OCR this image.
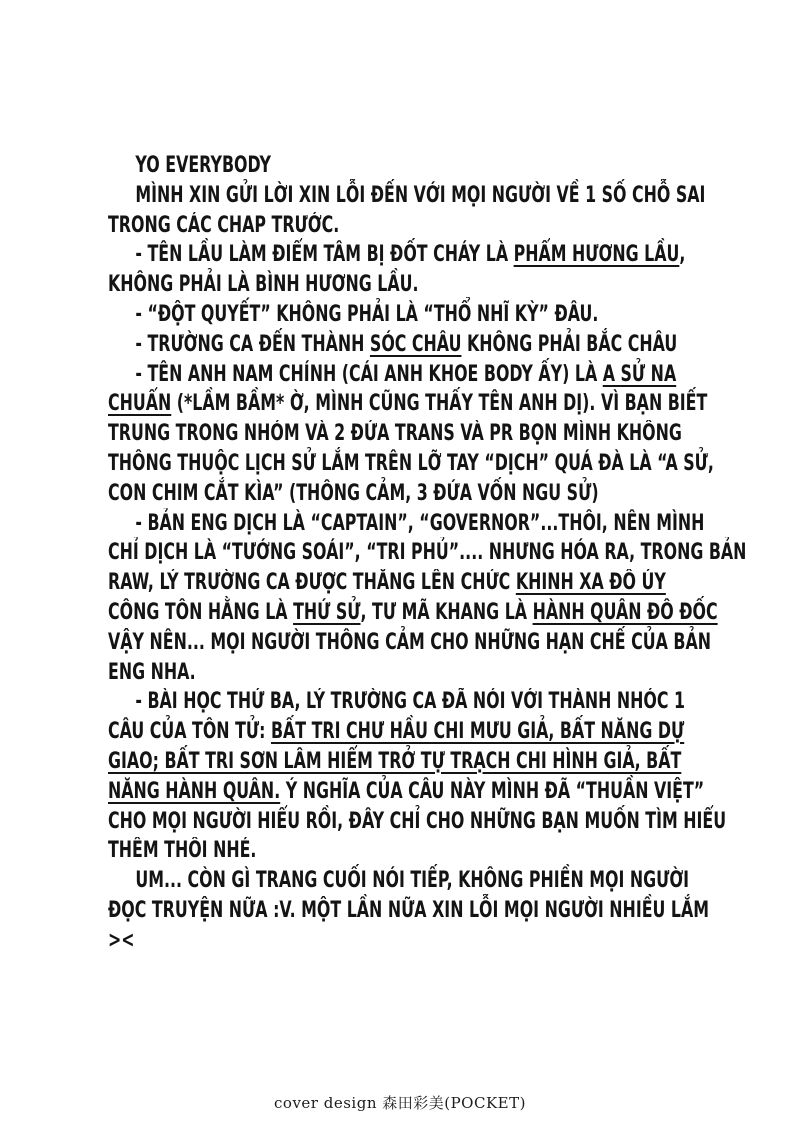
YO EVERYBODY
MÌNH XIN GỬI LỜI XIN LỖI ĐẾN VỚI MỌI NGƯỜI VỀ 1 SỐ CHỖ SAI
TRONG CÁC CHAP TRƯỚC.
- TÊN LẦU LÀM ĐIỂM TÂM BỊ ĐỐT CHÁY LÀ PHẨM HƯƠNG LẦU,
KHÔNG PHẢI LÀ BÌNH HƯƠNG LẦU.
- “ĐỘT QUYẾT” KHÔNG PHẢI LÀ “THỔ NHĨ KỲ” ĐÂU.
- TRƯỜNG CA ĐẾN THÀNH SÓC CHÂU KHÔNG PHẢI BẮC CHÂU
- TÊN ANH NAM CHÍNH (CÁI ANH KHOE BODY ẤY) LÀ A SỬ NA
CHUẨN (*LẦM BẦM* Ờ, MÌNH CŨNG THẤY TÊN ANH DỊ). VÌ BẠN BIẾT
TRUNG TRONG NHÓM VÀ 2 ĐỨA TRANS VÀ PR BỌN MÌNH KHÔNG
THÔNG THUỘC LỊCH SỬ LẮM TRÊN LỠ TAY “DỊCH” QUÁ ĐÀ LÀ “A SỬ,
CON CHIM CẮT KÌA” (THÔNG CẢM, 3 ĐỨA VỐN NGU SỬ)
- BẢN ENG DỊCH LÀ “CAPTAIN”, “GOVERNOR”...THÔI, NÊN MÌNH
CHỈ DỊCH LÀ “TƯỚNG SOÁI”, “TRI PHỦ”.... NHƯNG HÓA RA, TRONG BẢN
RAW, LÝ TRƯỜNG CA ĐƯỢC THĂNG LÊN CHỨC KHINH XA ĐÔ ÚY
CÔNG TÔN HẰNG LÀ THỨ SỬ, TƯ MÃ KHANG LÀ HÀNH QUÂN ĐÔ ĐỐC
VẬY NÊN... MỌI NGƯỜI THÔNG CẢM CHO NHỮNG HẠN CHẾ CỦA BẢN
ENG NHA.
- BÀI HỌC THỨ BA, LÝ TRƯỜNG CA ĐÃ NÓI VỚI THÀNH NHÓC 1
CÂU CỦA TÔN TỬ: BẤT TRI CHƯ HẦU CHI MƯU GIẢ, BẤT NĂNG DỰ
GIAO; BẤT TRI SƠN LÂM HIỂM TRỞ TỰ TRẠCH CHI HÌNH GIẢ, BẤT
NĂNG HÀNH QUÂN. Ý NGHĨA CỦA CÂU NÀY MÌNH ĐÃ “THUẦN VIỆT”
CHO MỌI NGƯỜI HIỂU RỒI, ĐÂY CHỈ CHO NHỮNG BẠN MUỐN TÌM HIỂU
THÊM THÔI NHÉ.
UM... CÒN GÌ TRANG CUỐI NÓI TIẾP, KHÔNG PHIỀN MỌI NGƯỜI
ĐỌC TRUYỆN NỮA :V. MỘT LẦN NỮA XIN LỖI MỌI NGƯỜI NHIỀU LẮM
><
cover design 森田彩美(POCKET)
